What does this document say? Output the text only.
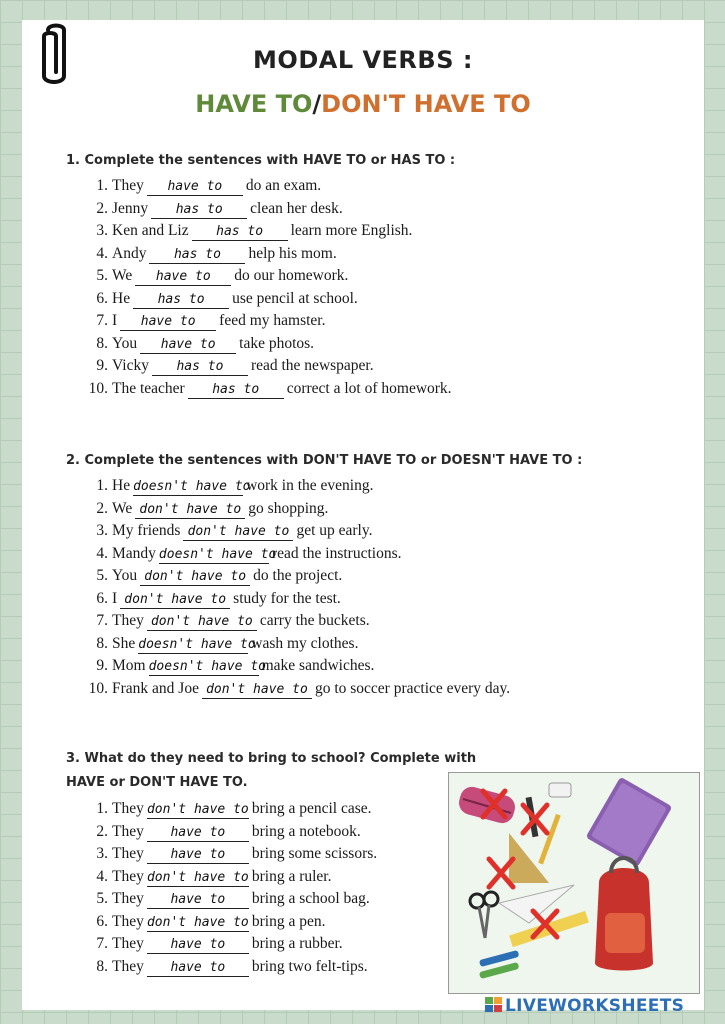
MODAL VERBS :
HAVE TO/DON'T HAVE TO
1. Complete the sentences with HAVE TO or HAS TO :
1. They have to do an exam.
2. Jenny has to clean her desk.
3. Ken and Liz has to learn more English.
4. Andy has to help his mom.
5. We have to do our homework.
6. He has to use pencil at school.
7. I have to feed my hamster.
8. You have to take photos.
9. Vicky has to read the newspaper.
10. The teacher has to correct a lot of homework.
2. Complete the sentences with DON'T HAVE TO or DOESN'T HAVE TO :
1. He doesn't have towork in the evening.
2. We don't have to go shopping.
3. My friends don't have to get up early.
4. Mandy doesn't have toread the instructions.
5. You don't have to do the project.
6. I don't have to study for the test.
7. They don't have to carry the buckets.
8. She doesn't have towash my clothes.
9. Mom doesn't have tomake sandwiches.
10. Frank and Joe don't have to go to soccer practice every day.
3. What do they need to bring to school? Complete with
HAVE or DON'T HAVE TO.
1. They don't have to bring a pencil case.
2. They have to bring a notebook.
3. They have to bring some scissors.
4. They don't have to bring a ruler.
5. They have to bring a school bag.
6. They don't have to bring a pen.
7. They have to bring a rubber.
8. They have to bring two felt-tips.
LIVEWORKSHEETS
